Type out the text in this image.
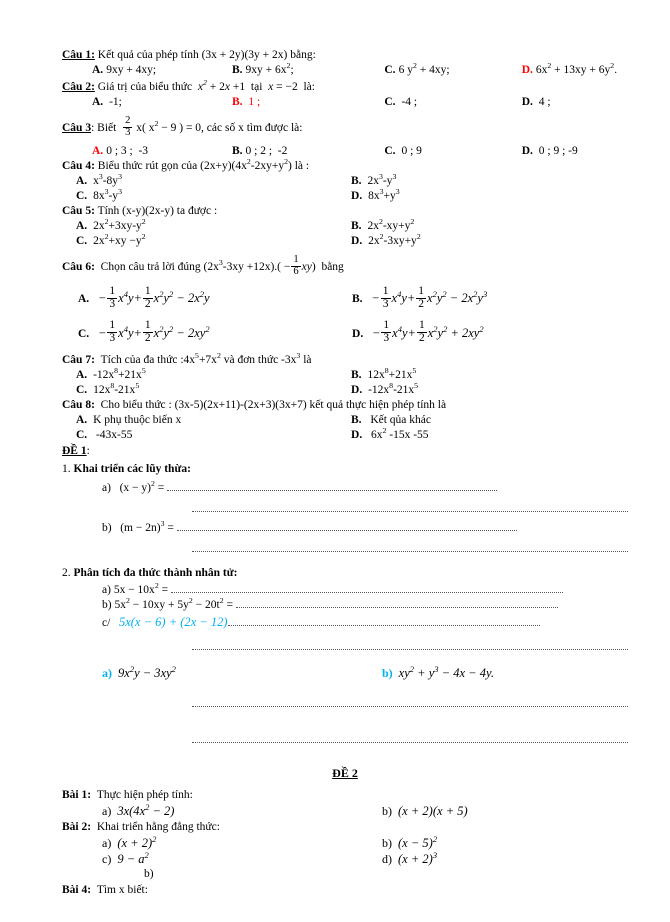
Câu 1: Kết quả của phép tính (3x + 2y)(3y + 2x) bằng:
A. 9xy + 4xy;	B. $9xy + 6x^2$;	C. 6 $y^2 + 4xy$;	D. $6x^2 + 13xy + 6y^2$.
Câu 2: Giá trị của biểu thức  $x^2 + 2x +1$  tại  x = −2  là:
A. -1;	B. 1 ;	C. -4 ;	D. 4 ;
Câu 3: Biết $\frac{2}{3} x$( $x^2 - 9$ ) = 0, các số x tìm được là:
A. 0 ; 3 ;  -3	B. 0 ; 2 ;  -2	C. 0 ; 9	D. 0 ; 9 ; -9
Câu 4: Biểu thức rút gọn của $(2x+y)(4x^2-2xy+y^2)$ là :
A. $x^3-8y^3$	B. $2x^3-y^3$
C. $8x^3-y^3$	D. $8x^3+y^3$
Câu 5: Tính (x-y)(2x-y) ta được :
A. $2x^2+3xy-y^2$	B. $2x^2-xy+y^2$
C. $2x^2+xy -y^2$	D. $2x^2-3xy+y^2$
Câu 6:  Chọn câu trả lời đúng $(2x^3-3xy +12x).( - \frac{1}{6} xy)$  bằng
A. − $\frac{1}{3} x^4y+ \frac{1}{2} x^2y^2 - 2x^2y$	B. − $\frac{1}{3} x^4y+ \frac{1}{2} x^2y^2 - 2x^2y^3$
C. − $\frac{1}{3} x^4y+ \frac{1}{2} x^2y^2 - 2xy^2$	D. − $\frac{1}{3} x^4y+ \frac{1}{2} x^2y^2 + 2xy^2$
Câu 7:  Tích của đa thức $:4x^5+7x^2$ và đơn thức $-3x^3$ là
A. $-12x^8+21x^5$	B. $12x^8+21x^5$
C. $12x^8-21x^5$	D. $-12x^8-21x^5$
Câu 8:  Cho biểu thức : (3x-5)(2x+11)-(2x+3)(3x+7) kết quả thực hiện phép tính là
A. K phụ thuộc biến x	B.  Kết qủa khác
C.  -43x-55	D.  $6x^2$ -15x -55
ĐỀ 1:
1. Khai triển các lũy thừa:
a)   $(x - y)^2$ =
b)   $(m - 2n)^3$ =
2. Phân tích đa thức thành nhân tử:
a) $5x - 10x^2$ =
b) $5x^2 - 10xy + 5y^2 - 20t^2$ =
c/ 5x(x − 6) + (2x − 12)
a) $9x^2y - 3xy^2$	b) $xy^2 + y^3 - 4x - 4y$.
ĐỀ 2
Bài 1: Thực hiện phép tính:
a) $3x(4x^2 - 2)$	b) (x + 2)(x + 5)
Bài 2: Khai triển hằng đẳng thức:
a) $(x + 2)^2$	b) $(x - 5)^2$
c) $9 - a^2$	d) $(x + 2)^3$
b)
Bài 4: Tìm x biết:
